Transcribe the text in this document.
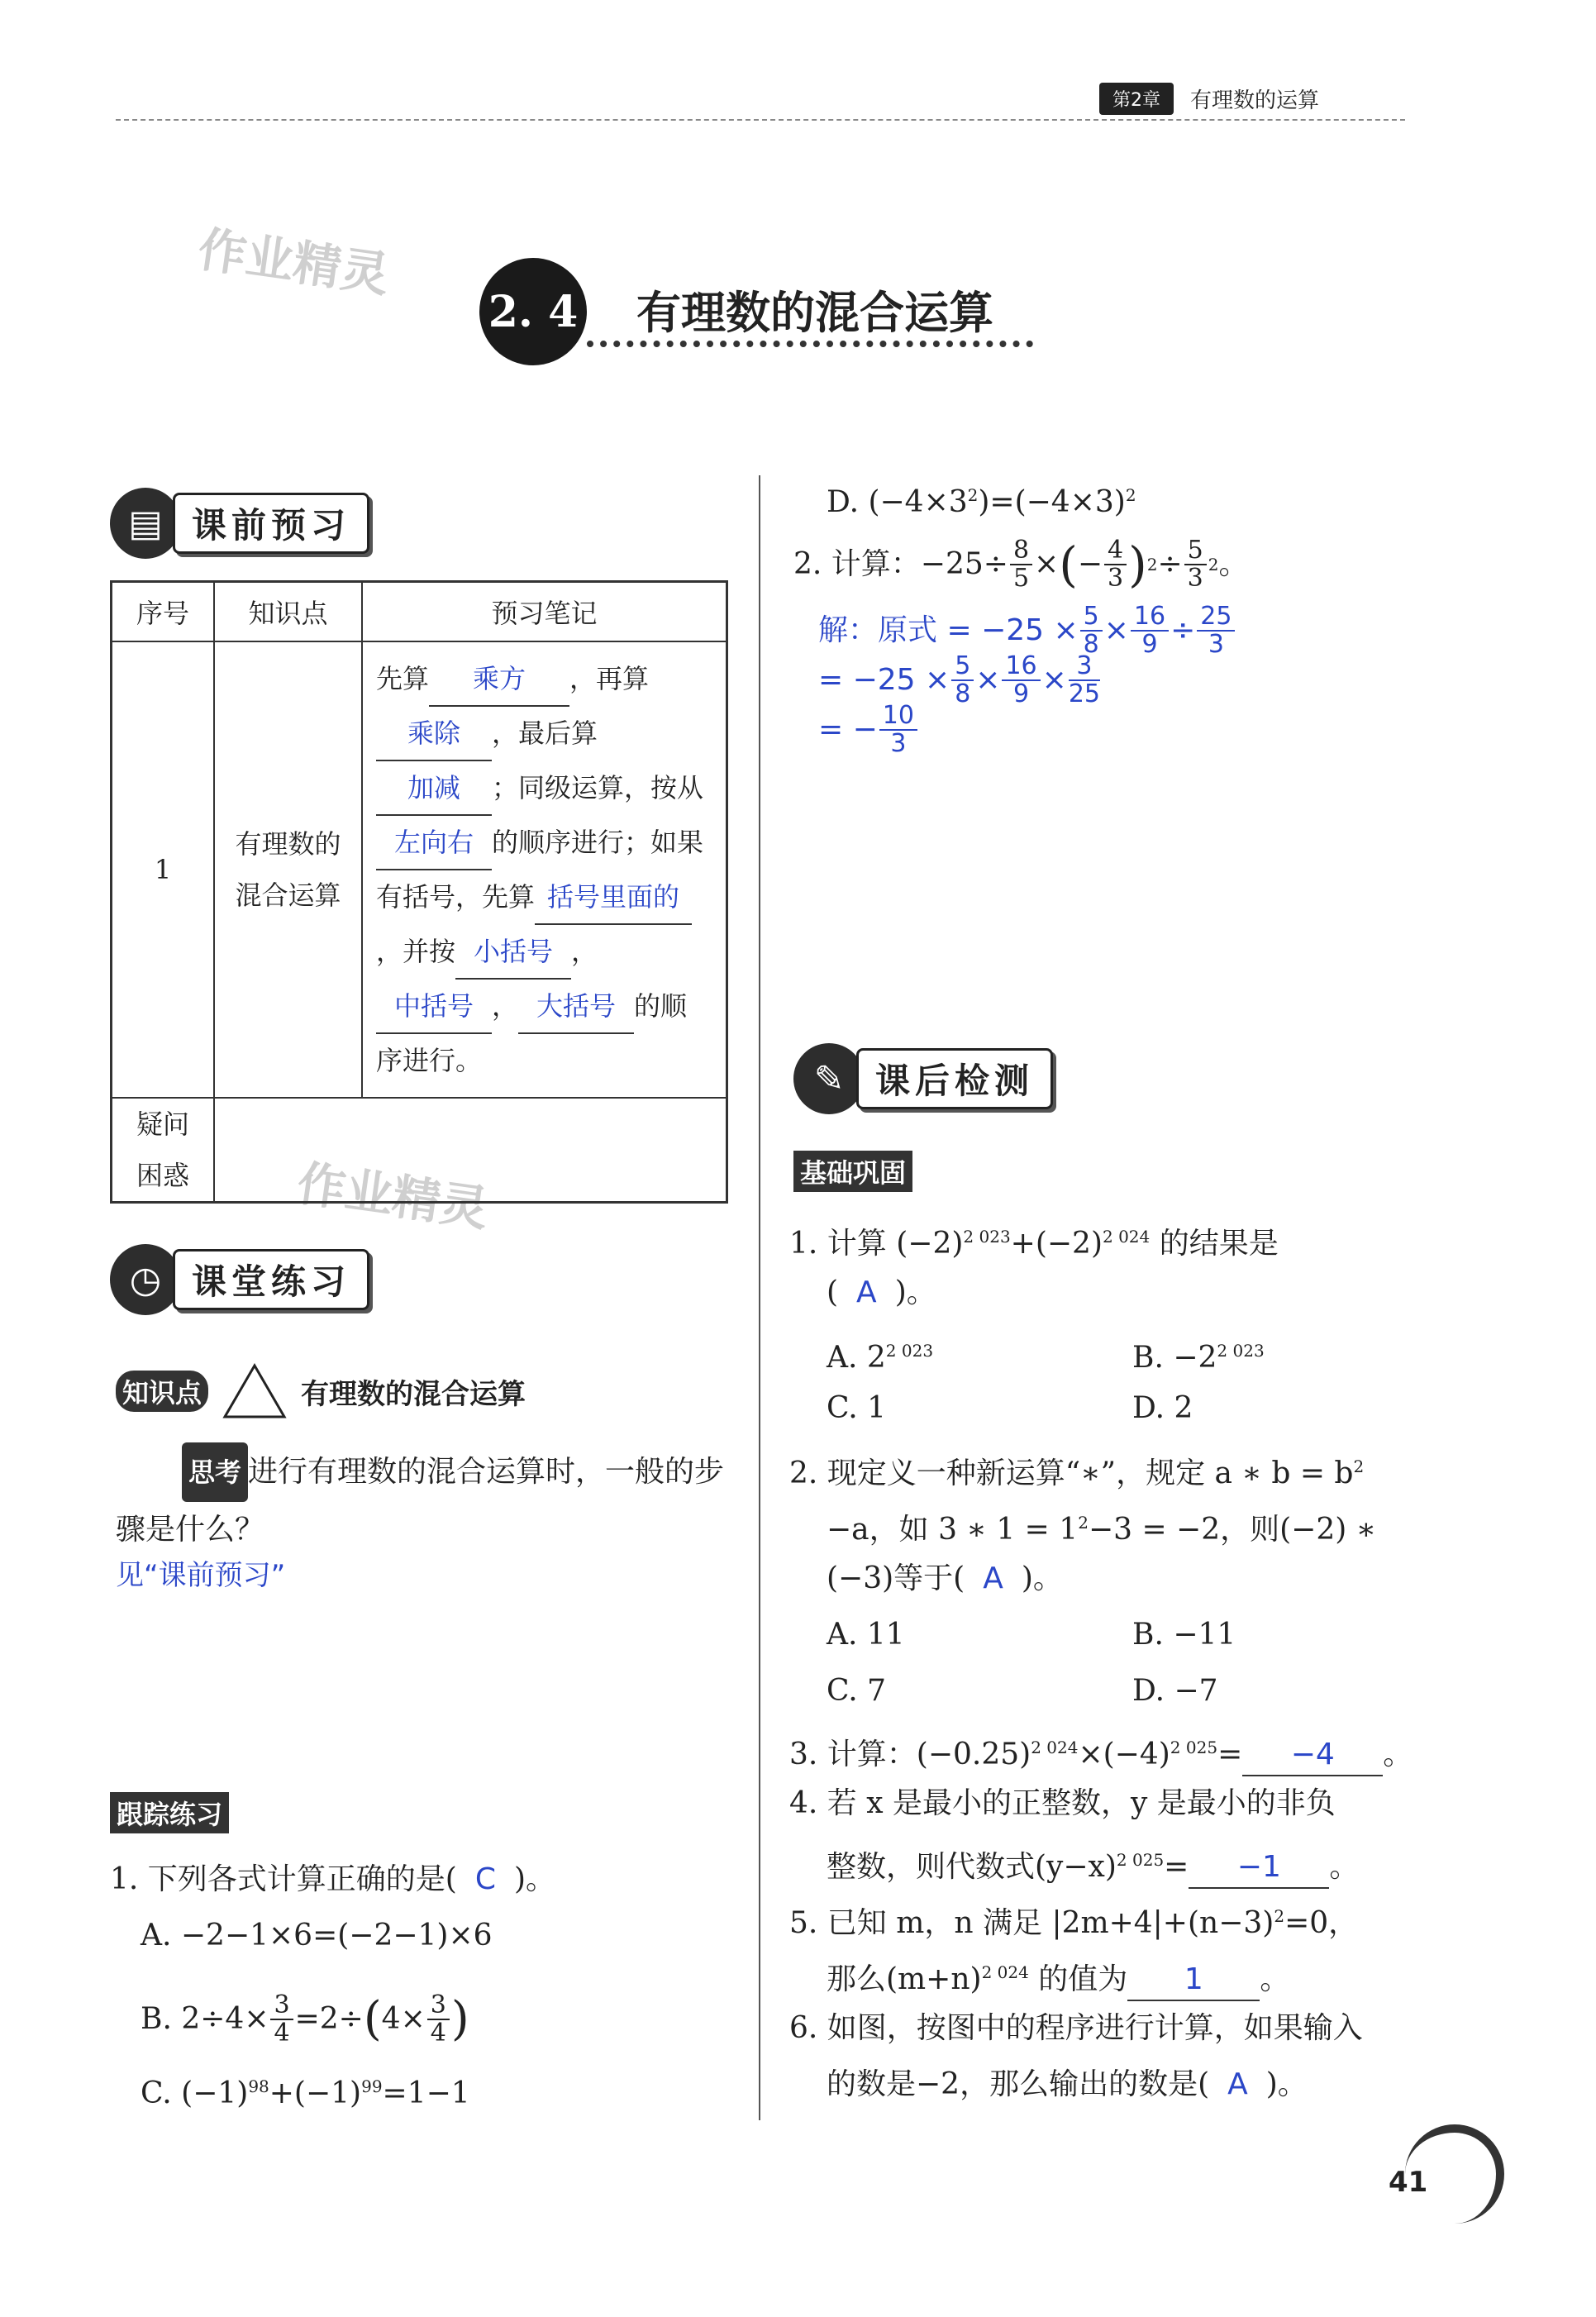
第2章	有理数的运算
作业精灵
作业精灵
2. 4 有理数的混合运算
▤ 课前预习
序号	知识点	预习笔记
1	有理数的混合运算	先算 乘方 ，再算 乘除 ，最后算 加减 ；同级运算，按从左向右 的顺序进行；如果有括号，先算 括号里面的，并按 小括号 ，中括号 ， 大括号 的顺序进行。
疑问困惑		
◷ 课堂练习
知识点	有理数的混合运算
思考 进行有理数的混合运算时，一般的步骤是什么？
见“课前预习”
跟踪练习
1. 下列各式计算正确的是( C )。
A. −2−1×6=(−2−1)×6
B. $2\div 4\times \frac{3}{4} =2\div$ ( $4\times \frac{3}{4}$ )
C. $(-1)^{98}+(-1)^{99}=1-1$
D. $(-4\times 3^2)=(-4\times 3)^2$
2. 计算：$-25\div \frac{8}{5}$ × ( − $\frac{4}{3}$ ) $2 \div \frac{5}{3} 2$ 。
解：原式 =
$-25 \times \frac{5}{8} \times \frac{16}{9} \div \frac{25}{3}$
= $-25 \times \frac{5}{8} \times \frac{16}{9} \times \frac{3}{25}$
= − $\frac{10}{3}$
✎ 课后检测
基础巩固
1. 计算 $(-2)^{2 023}+(-2)^{2 024}$ 的结果是
( A )。
A. $2^{2 023}$	B. $-2^{2 023}$
C. 1	D. 2
2. 现定义一种新运算“∗”，规定 a ∗ $b = b^2$
−a，如 3 ∗ $1 = 1^2-3 = -2$，则(−2) ∗
(−3)等于( A )。
A. 11	B. −11
C. 7	D. −7
3. 计算：$(-0.25)^{2 024}\times(-4)^{2 025}= -4$ 。
4. 若 x 是最小的正整数，y 是最小的非负
整数，则代数式$(y-x)^{2 025}= -1$ 。
5. 已知 m，n 满足 $|2m+4|+(n-3)^2=0$，
那么$(m+n)^{2 024}$ 的值为 1 。
6. 如图，按图中的程序进行计算，如果输入
的数是−2，那么输出的数是( A )。
41
